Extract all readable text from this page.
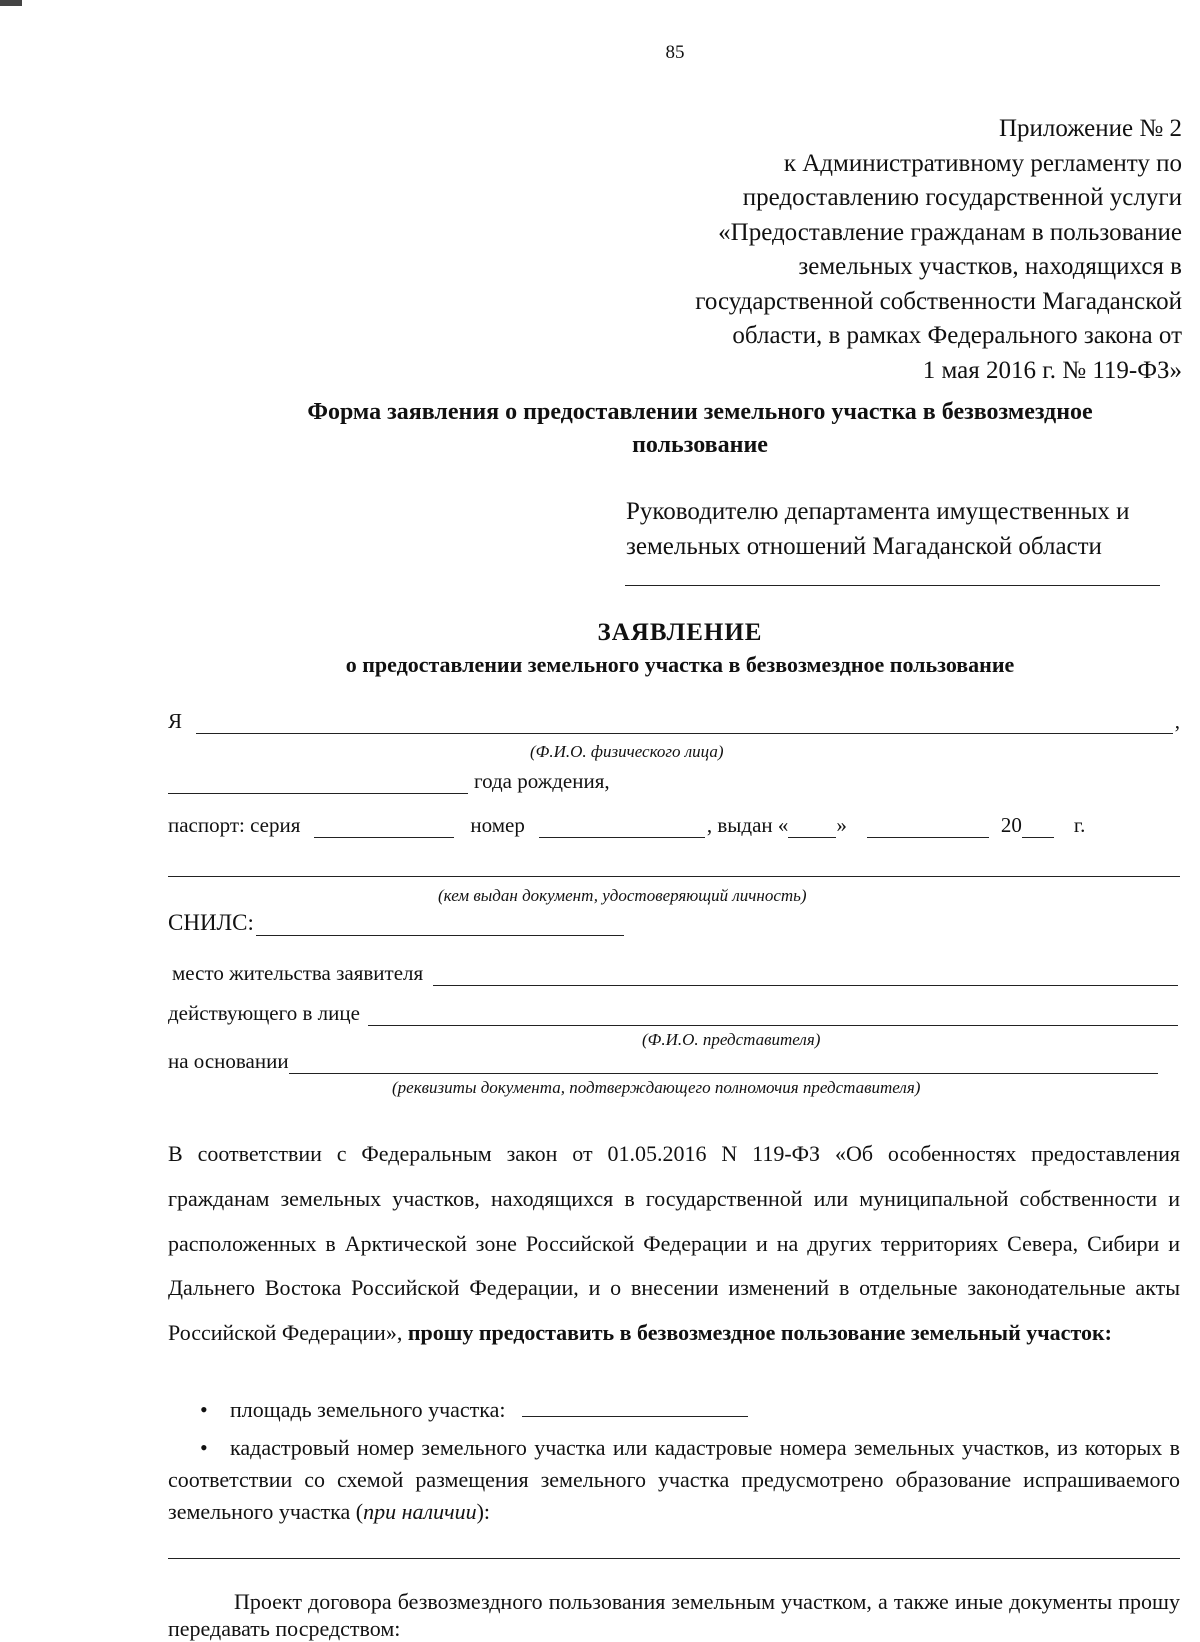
85
Приложение № 2
к Административному регламенту по
предоставлению государственной услуги
«Предоставление гражданам в пользование
земельных участков, находящихся в
государственной собственности Магаданской
области, в рамках Федерального закона от
1 мая 2016 г. № 119-ФЗ»
Форма заявления о предоставлении земельного участка в безвозмездное
пользование
Руководителю департамента имущественных и
земельных отношений Магаданской области
ЗАЯВЛЕНИЕ
о предоставлении земельного участка в безвозмездное пользование
Я	,
(Ф.И.О. физического лица)
года рождения,
паспорт: серия	номер	, выдан « »	20 г.
(кем выдан документ, удостоверяющий личность)
СНИЛС:
место жительства заявителя
действующего в лице
(Ф.И.О. представителя)
на основании
(реквизиты документа, подтверждающего полномочия представителя)
В соответствии с Федеральным закон от 01.05.2016 N 119-ФЗ «Об особенностях предоставления гражданам земельных участков, находящихся в государственной или муниципальной собственности и расположенных в Арктической зоне Российской Федерации и на других территориях Севера, Сибири и Дальнего Востока Российской Федерации, и о внесении изменений в отдельные законодательные акты Российской Федерации», прошу предоставить в безвозмездное пользование земельный участок:
• площадь земельного участка:
• кадастровый номер земельного участка или кадастровые номера земельных участков, из которых в соответствии со схемой размещения земельного участка предусмотрено образование испрашиваемого земельного участка (при наличии):
Проект договора безвозмездного пользования земельным участком, а также иные документы прошу передавать посредством:
